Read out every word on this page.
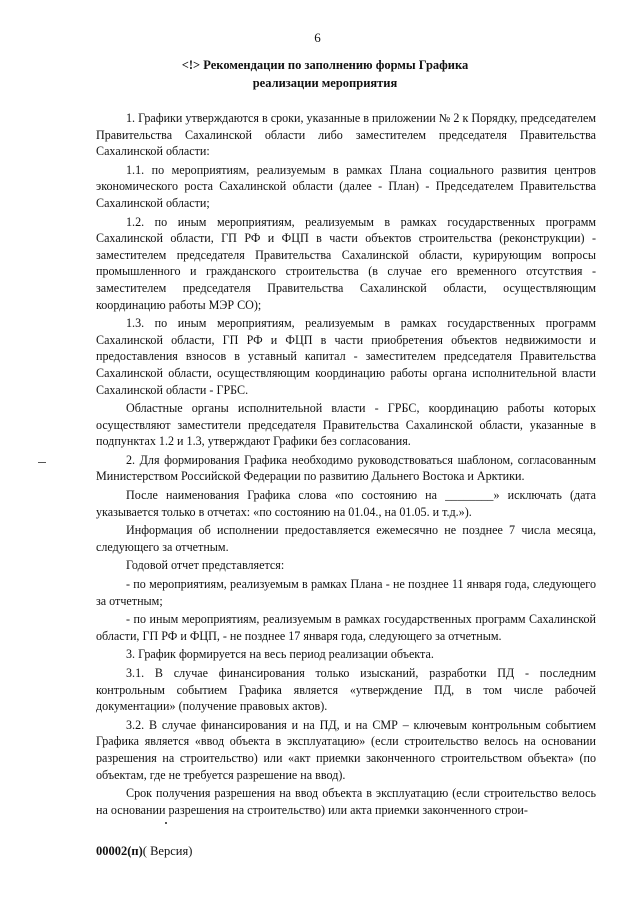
6
<!> Рекомендации по заполнению формы Графика
реализации мероприятия

1. Графики утверждаются в сроки, указанные в приложении № 2 к Порядку, председателем Правительства Сахалинской области либо заместителем председателя Правительства Сахалинской области:

1.1. по мероприятиям, реализуемым в рамках Плана социального развития центров экономического роста Сахалинской области (далее - План) - Председателем Правительства Сахалинской области;

1.2. по иным мероприятиям, реализуемым в рамках государственных программ Сахалинской области, ГП РФ и ФЦП в части объектов строительства (реконструкции) - заместителем председателя Правительства Сахалинской области, курирующим вопросы промышленного и гражданского строительства (в случае его временного отсутствия - заместителем председателя Правительства Сахалинской области, осуществляющим координацию работы МЭР СО);

1.3. по иным мероприятиям, реализуемым в рамках государственных программ Сахалинской области, ГП РФ и ФЦП в части приобретения объектов недвижимости и предоставления взносов в уставный капитал - заместителем председателя Правительства Сахалинской области, осуществляющим координацию работы органа исполнительной власти Сахалинской области - ГРБС.

Областные органы исполнительной власти - ГРБС, координацию работы которых осуществляют заместители председателя Правительства Сахалинской области, указанные в подпунктах 1.2 и 1.3, утверждают Графики без согласования.

2. Для формирования Графика необходимо руководствоваться шаблоном, согласованным Министерством Российской Федерации по развитию Дальнего Востока и Арктики.

После наименования Графика слова «по состоянию на ________» исключать (дата указывается только в отчетах: «по состоянию на 01.04., на 01.05. и т.д.»).

Информация об исполнении предоставляется ежемесячно не позднее 7 числа месяца, следующего за отчетным.

Годовой отчет представляется:

- по мероприятиям, реализуемым в рамках Плана - не позднее 11 января года, следующего за отчетным;

- по иным мероприятиям, реализуемым в рамках государственных программ Сахалинской области, ГП РФ и ФЦП, - не позднее 17 января года, следующего за отчетным.

3. График формируется на весь период реализации объекта.

3.1. В случае финансирования только изысканий, разработки ПД - последним контрольным событием Графика является «утверждение ПД, в том числе рабочей документации» (получение правовых актов).

3.2. В случае финансирования и на ПД, и на СМР – ключевым контрольным событием Графика является «ввод объекта в эксплуатацию» (если строительство велось на основании разрешения на строительство) или «акт приемки законченного строительством объекта» (по объектам, где не требуется разрешение на ввод).

Срок получения разрешения на ввод объекта в эксплуатацию (если строительство велось на основании разрешения на строительство) или акта приемки законченного строи-

00002(п)( Версия)
